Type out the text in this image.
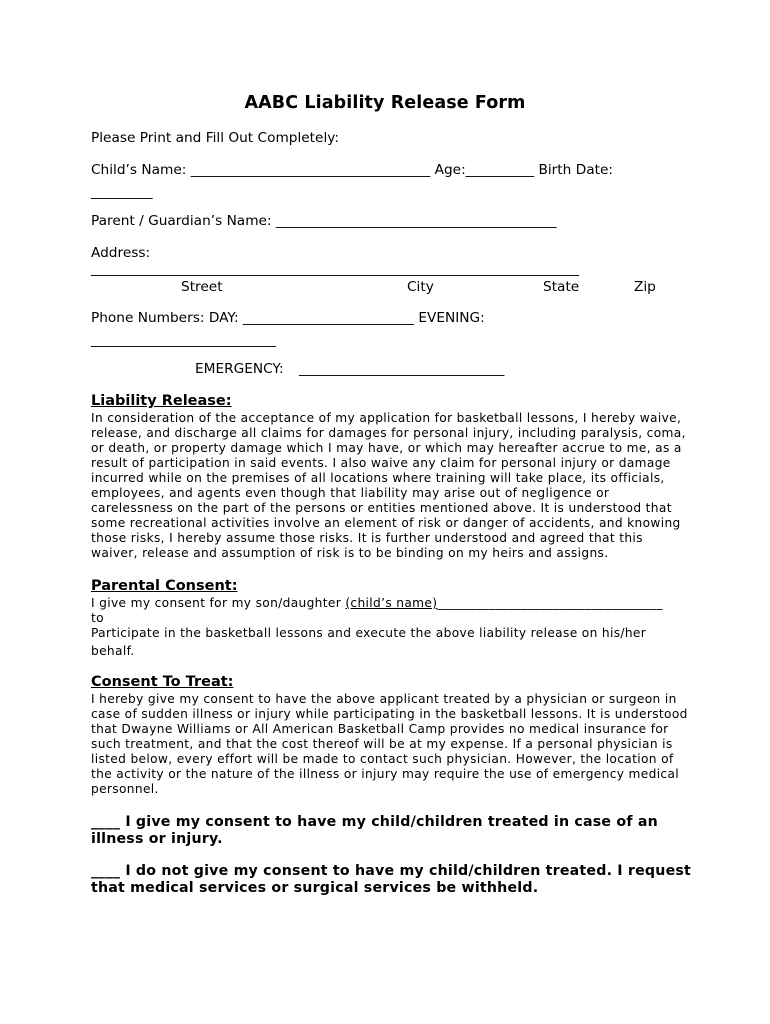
AABC Liability Release Form
Please Print and Fill Out Completely:
Child’s Name: ___________________________________ Age:__________ Birth Date:
_________
Parent / Guardian’s Name: _________________________________________
Address:
__________________________________________________________________________
Street	City	State	Zip
Phone Numbers: DAY: _________________________ EVENING:
___________________________
EMERGENCY: ______________________________
Liability Release:
In consideration of the acceptance of my application for basketball lessons, I hereby waive,
release, and discharge all claims for damages for personal injury, including paralysis, coma,
or death, or property damage which I may have, or which may hereafter accrue to me, as a
result of participation in said events. I also waive any claim for personal injury or damage
incurred while on the premises of all locations where training will take place, its officials,
employees, and agents even though that liability may arise out of negligence or
carelessness on the part of the persons or entities mentioned above. It is understood that
some recreational activities involve an element of risk or danger of accidents, and knowing
those risks, I hereby assume those risks. It is further understood and agreed that this
waiver, release and assumption of risk is to be binding on my heirs and assigns.
Parental Consent:
I give my consent for my son/daughter (child’s name)___________________________________
to
Participate in the basketball lessons and execute the above liability release on his/her
behalf.
Consent To Treat:
I hereby give my consent to have the above applicant treated by a physician or surgeon in
case of sudden illness or injury while participating in the basketball lessons. It is understood
that Dwayne Williams or All American Basketball Camp provides no medical insurance for
such treatment, and that the cost thereof will be at my expense. If a personal physician is
listed below, every effort will be made to contact such physician. However, the location of
the activity or the nature of the illness or injury may require the use of emergency medical
personnel.
____ I give my consent to have my child/children treated in case of an
illness or injury.
____ I do not give my consent to have my child/children treated. I request
that medical services or surgical services be withheld.
